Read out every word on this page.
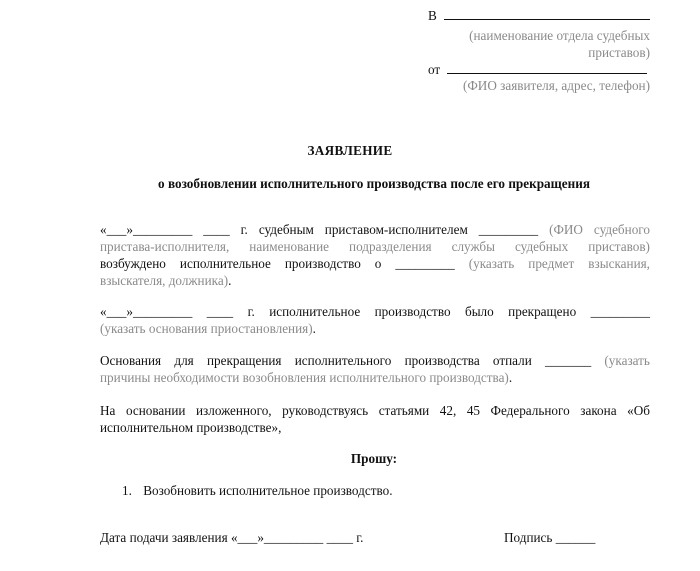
В
(наименование отдела судебных
приставов)
от
(ФИО заявителя, адрес, телефон)
ЗАЯВЛЕНИЕ
о возобновлении исполнительного производства после его прекращения
«___»_________ ____ г. судебным приставом-исполнителем _________ (ФИО судебного
пристава-исполнителя, наименование подразделения службы судебных приставов)
возбуждено исполнительное производство о _________ (указать предмет взыскания,
взыскателя, должника).
«___»_________ ____ г. исполнительное производство было прекращено _________
(указать основания приостановления).
Основания для прекращения исполнительного производства отпали _______ (указать
причины необходимости возобновления исполнительного производства).
На основании изложенного, руководствуясь статьями 42, 45 Федерального закона «Об
исполнительном производстве»,
Прошу:
1. Возобновить исполнительное производство.
Дата подачи заявления «___»_________ ____ г.	Подпись ______
